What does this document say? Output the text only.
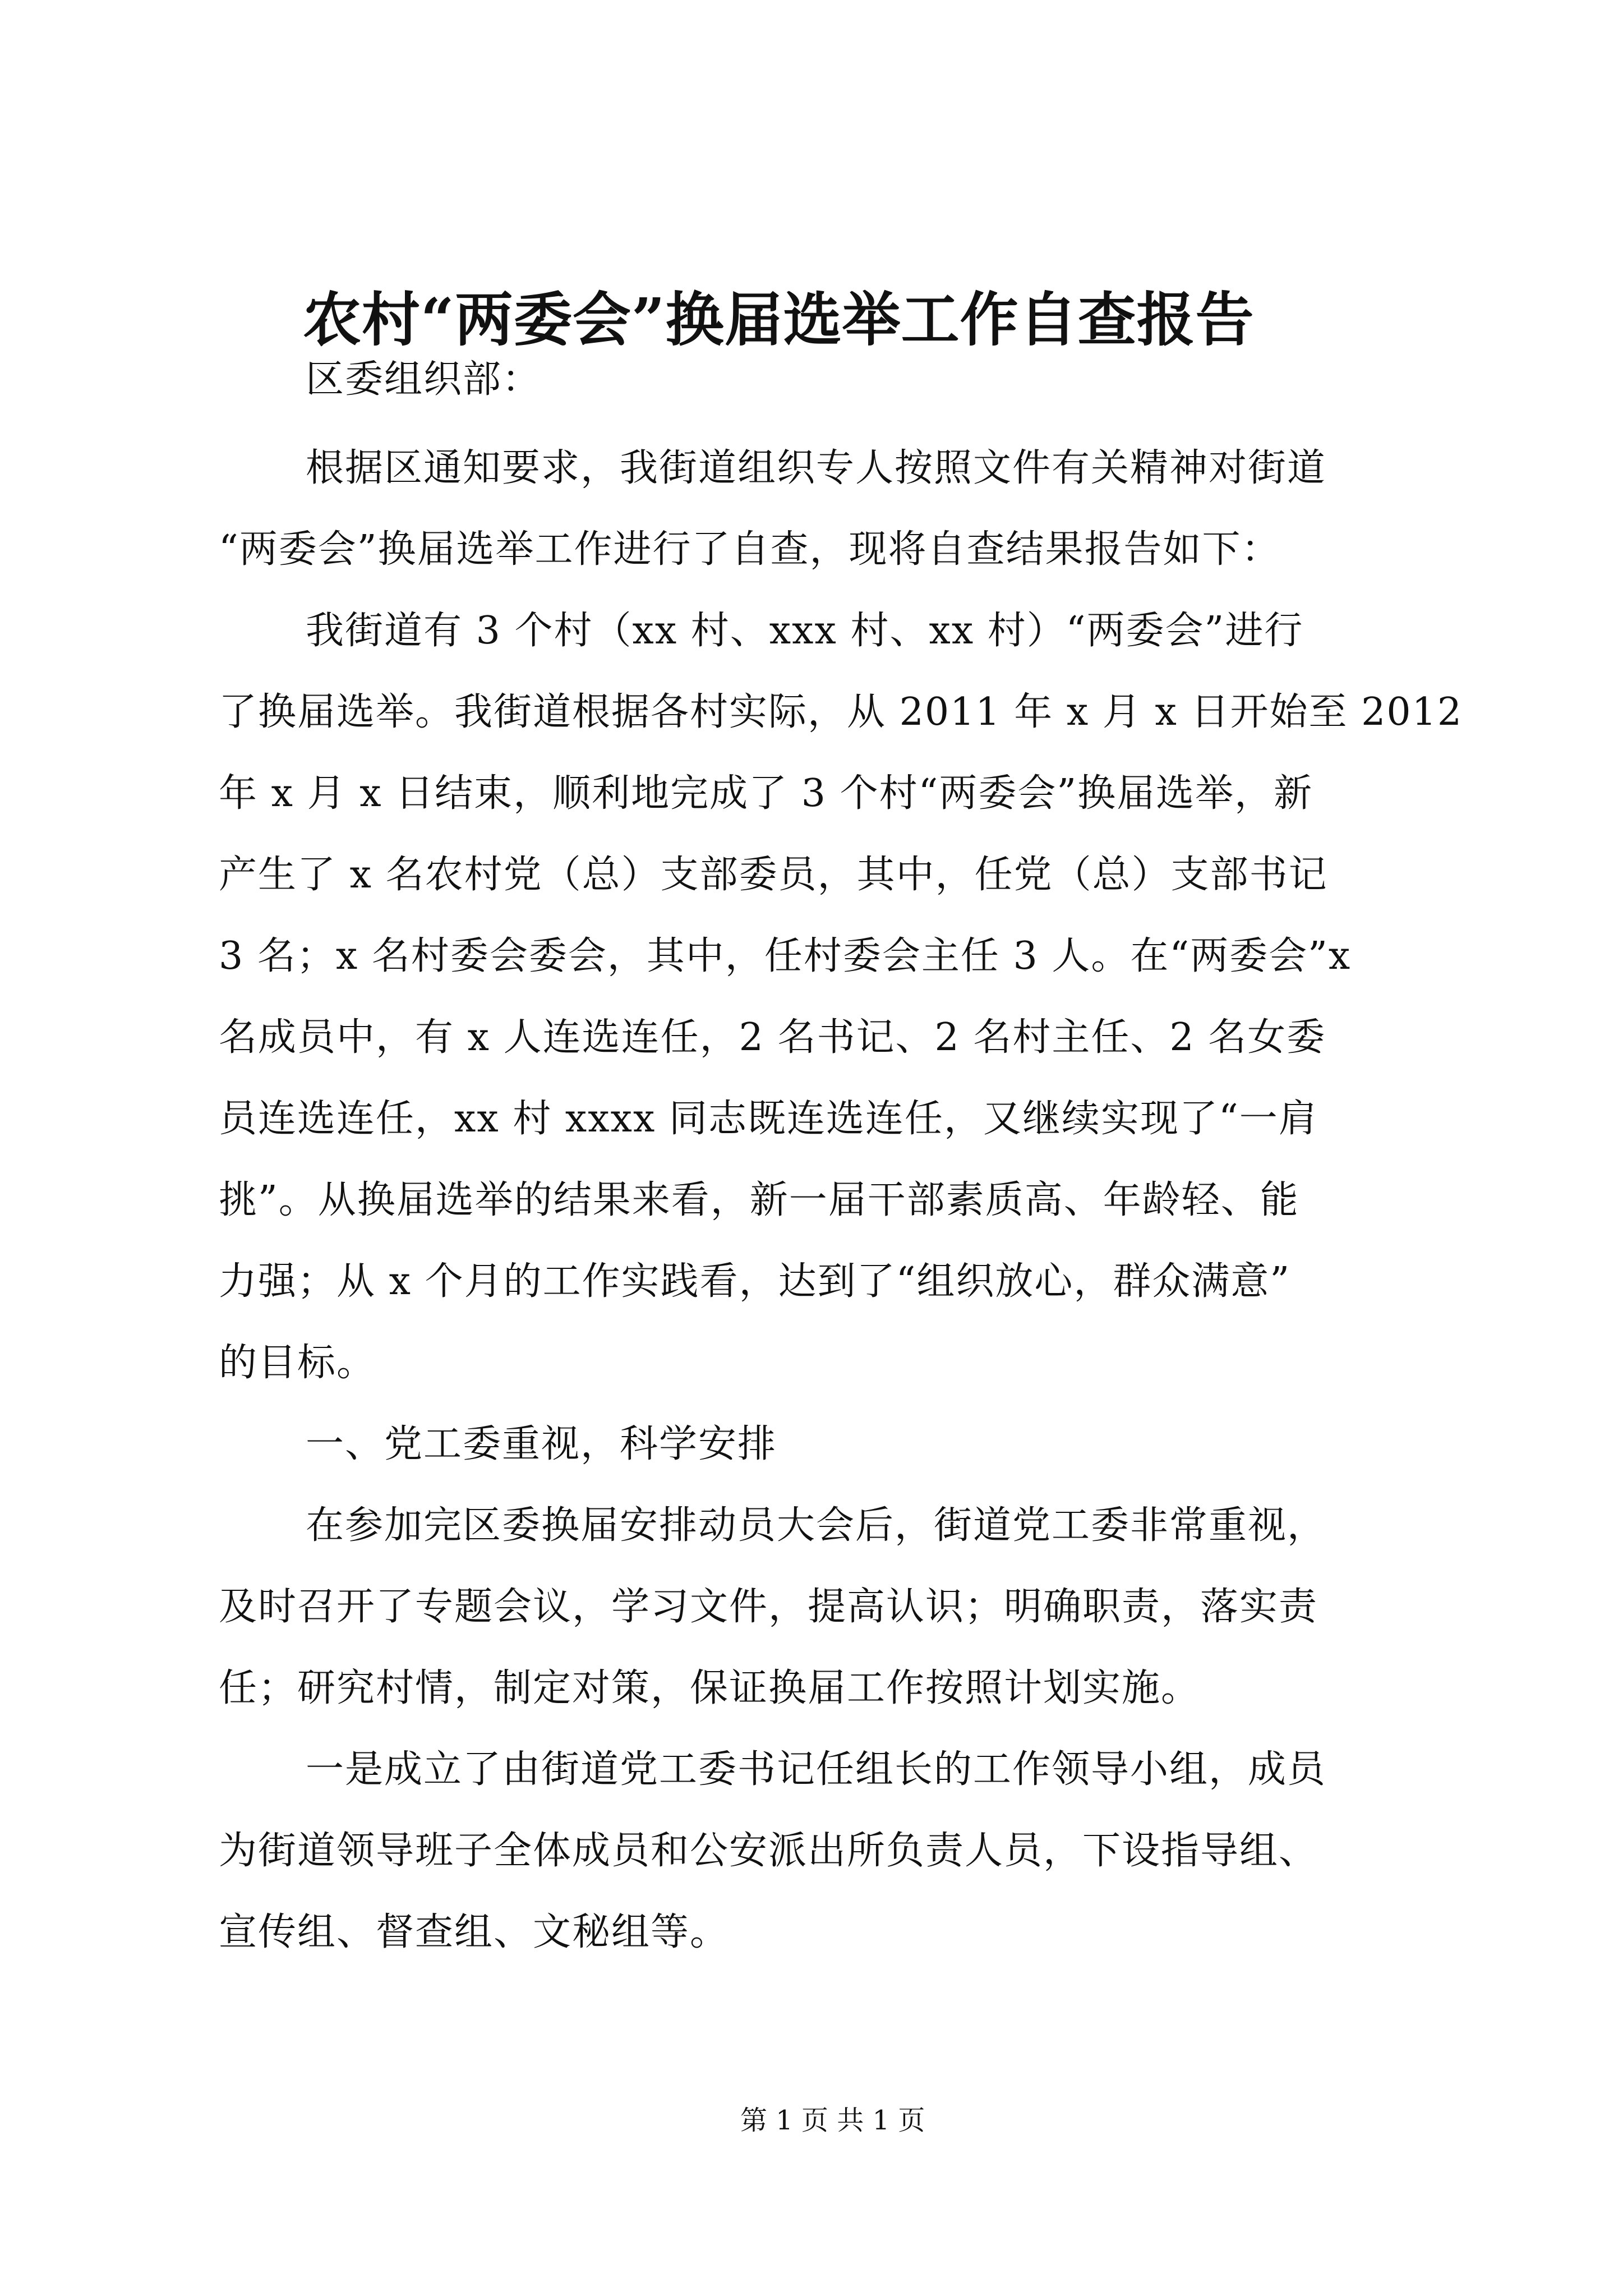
农村“两委会”换届选举工作自查报告
区委组织部：
根据区通知要求，我街道组织专人按照文件有关精神对街道
“两委会”换届选举工作进行了自查，现将自查结果报告如下：
我街道有 3 个村（xx 村、xxx 村、xx 村）“两委会”进行
了换届选举。我街道根据各村实际，从 2011 年 x 月 x 日开始至 2012
年 x 月 x 日结束，顺利地完成了 3 个村“两委会”换届选举，新
产生了 x 名农村党（总）支部委员，其中，任党（总）支部书记
3 名；x 名村委会委会，其中，任村委会主任 3 人。在“两委会”x
名成员中，有 x 人连选连任，2 名书记、2 名村主任、2 名女委
员连选连任，xx 村 xxxx 同志既连选连任，又继续实现了“一肩
挑”。从换届选举的结果来看，新一届干部素质高、年龄轻、能
力强；从 x 个月的工作实践看，达到了“组织放心，群众满意”
的目标。
一、党工委重视，科学安排
在参加完区委换届安排动员大会后，街道党工委非常重视，
及时召开了专题会议，学习文件，提高认识；明确职责，落实责
任；研究村情，制定对策，保证换届工作按照计划实施。
一是成立了由街道党工委书记任组长的工作领导小组，成员
为街道领导班子全体成员和公安派出所负责人员，下设指导组、
宣传组、督查组、文秘组等。
第 1 页 共 1 页
